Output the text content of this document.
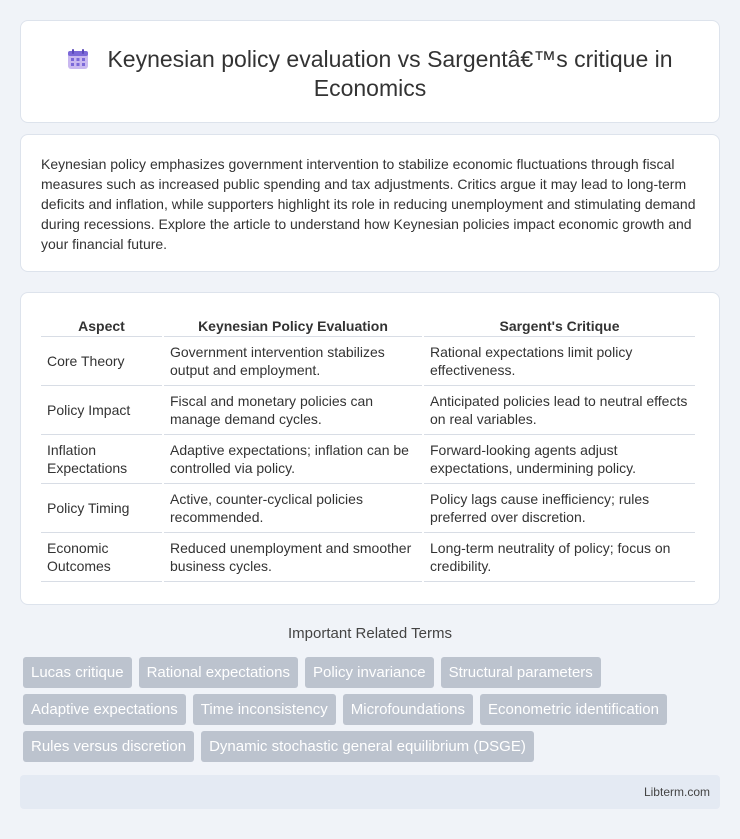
Keynesian policy evaluation vs Sargentâ€™s critique in Economics

Keynesian policy emphasizes government intervention to stabilize economic fluctuations through fiscal measures such as increased public spending and tax adjustments. Critics argue it may lead to long-term deficits and inflation, while supporters highlight its role in reducing unemployment and stimulating demand during recessions. Explore the article to understand how Keynesian policies impact economic growth and your financial future.

Aspect	Keynesian Policy Evaluation	Sargent's Critique
Core Theory	Government intervention stabilizes output and employment.	Rational expectations limit policy effectiveness.
Policy Impact	Fiscal and monetary policies can manage demand cycles.	Anticipated policies lead to neutral effects on real variables.
Inflation Expectations	Adaptive expectations; inflation can be controlled via policy.	Forward-looking agents adjust expectations, undermining policy.
Policy Timing	Active, counter-cyclical policies recommended.	Policy lags cause inefficiency; rules preferred over discretion.
Economic Outcomes	Reduced unemployment and smoother business cycles.	Long-term neutrality of policy; focus on credibility.
Important Related Terms
Lucas critique	Rational expectations	Policy invariance	Structural parameters
Adaptive expectations	Time inconsistency	Microfoundations	Econometric identification
Rules versus discretion	Dynamic stochastic general equilibrium (DSGE)
Libterm.com
